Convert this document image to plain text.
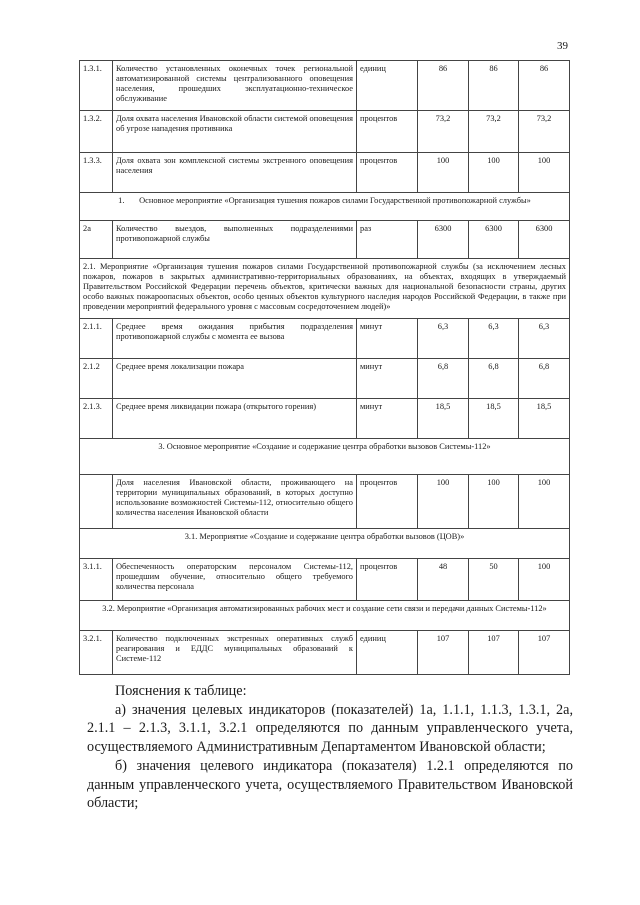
39
1.3.1.	Количество установленных оконечных точек региональной автоматизированной системы централизованного оповещения населения, прошедших эксплуатационно-техническое обслуживание	единиц	86	86	86
1.3.2.	Доля охвата населения Ивановской области системой оповещения об угрозе нападения противника	процентов	73,2	73,2	73,2
1.3.3.	Доля охвата зон комплексной системы экстренного оповещения населения	процентов	100	100	100
1.       Основное мероприятие «Организация тушения пожаров силами Государственной противопожарной службы»					
2а	Количество выездов, выполненных подразделениями противопожарной службы	раз	6300	6300	6300
2.1. Мероприятие «Организация тушения пожаров силами Государственной противопожарной службы (за исключением лесных пожаров, пожаров в закрытых административно-территориальных образованиях, на объектах, входящих в утверждаемый Правительством Российской Федерации перечень объектов, критически важных для национальной безопасности страны, других особо важных пожароопасных объектов, особо ценных объектов культурного наследия народов Российской Федерации, в также при проведении мероприятий федерального уровня с массовым сосредоточением людей)»					
2.1.1.	Среднее время ожидания прибытия подразделения противопожарной службы с момента ее вызова	минут	6,3	6,3	6,3
2.1.2	Среднее время локализации пожара	минут	6,8	6,8	6,8
2.1.3.	Среднее время ликвидации пожара (открытого горения)	минут	18,5	18,5	18,5
3. Основное мероприятие «Создание и содержание центра обработки вызовов Системы-112»					
	Доля населения Ивановской области, проживающего на территории муниципальных образований, в которых доступно использование возможностей Системы-112, относительно общего количества населения Ивановской области	процентов	100	100	100
3.1. Мероприятие «Создание и содержание центра обработки вызовов (ЦОВ)»					
3.1.1.	Обеспеченность операторским персоналом Системы-112, прошедшим обучение, относительно общего требуемого количества персонала	процентов	48	50	100
3.2. Мероприятие «Организация автоматизированных рабочих мест и создание сети связи и передачи данных Системы-112»					
3.2.1.	Количество подключенных экстренных оперативных служб реагирования и ЕДДС муниципальных образований к Системе-112	единиц	107	107	107

Пояснения к таблице:

а) значения целевых индикаторов (показателей) 1а, 1.1.1, 1.1.3, 1.3.1, 2а, 2.1.1 – 2.1.3, 3.1.1, 3.2.1 определяются по данным управленческого учета, осуществляемого Административным Департаментом Ивановской области;

б) значения целевого индикатора (показателя) 1.2.1 определяются по данным управленческого учета, осуществляемого Правительством Ивановской области;
